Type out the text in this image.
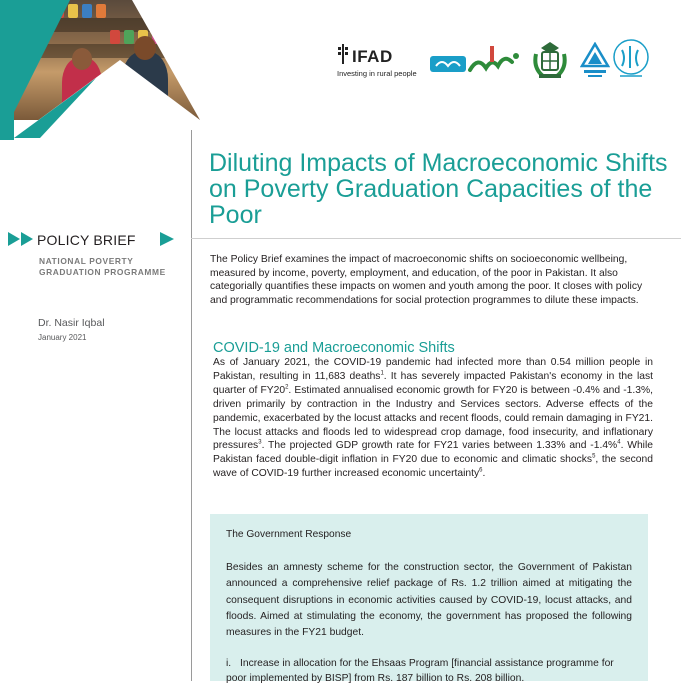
IFAD
Investing in rural people
POLICY BRIEF
NATIONAL POVERTY GRADUATION PROGRAMME
Dr. Nasir Iqbal
January 2021
Diluting Impacts of Macroeconomic Shifts on Poverty Graduation Capacities of the Poor
The Policy Brief examines the impact of macroeconomic shifts on socioeconomic wellbeing, measured by income, poverty, employment, and education, of the poor in Pakistan. It also categorially quantifies these impacts on women and youth among the poor. It closes with policy and programmatic recommendations for social protection programmes to dilute these impacts.
COVID-19 and Macroeconomic Shifts
As of January 2021, the COVID-19 pandemic had infected more than 0.54 million people in Pakistan, resulting in 11,683 deaths$^1$. It has severely impacted Pakistan's economy in the last quarter of $FY20^2$. Estimated annualised economic growth for FY20 is between -0.4% and -1.3%, driven primarily by contraction in the Industry and Services sectors. Adverse effects of the pandemic, exacerbated by the locust attacks and recent floods, could remain damaging in FY21. The locust attacks and floods led to widespread crop damage, food insecurity, and inflationary pressures$^3$. The projected GDP growth rate for FY21 varies between 1.33% and -1.4%$^4$. While Pakistan faced double-digit inflation in FY20 due to economic and climatic shocks$^5$, the second wave of COVID-19 further increased economic uncertainty$^6$.
The Government Response
Besides an amnesty scheme for the construction sector, the Government of Pakistan announced a comprehensive relief package of Rs. 1.2 trillion aimed at mitigating the consequent disruptions in economic activities caused by COVID-19, locust attacks, and floods. Aimed at stimulating the economy, the government has proposed the following measures in the FY21 budget.
i. Increase in allocation for the Ehsaas Program [financial assistance programme for poor implemented by BISP] from Rs. 187 billion to Rs. 208 billion.
